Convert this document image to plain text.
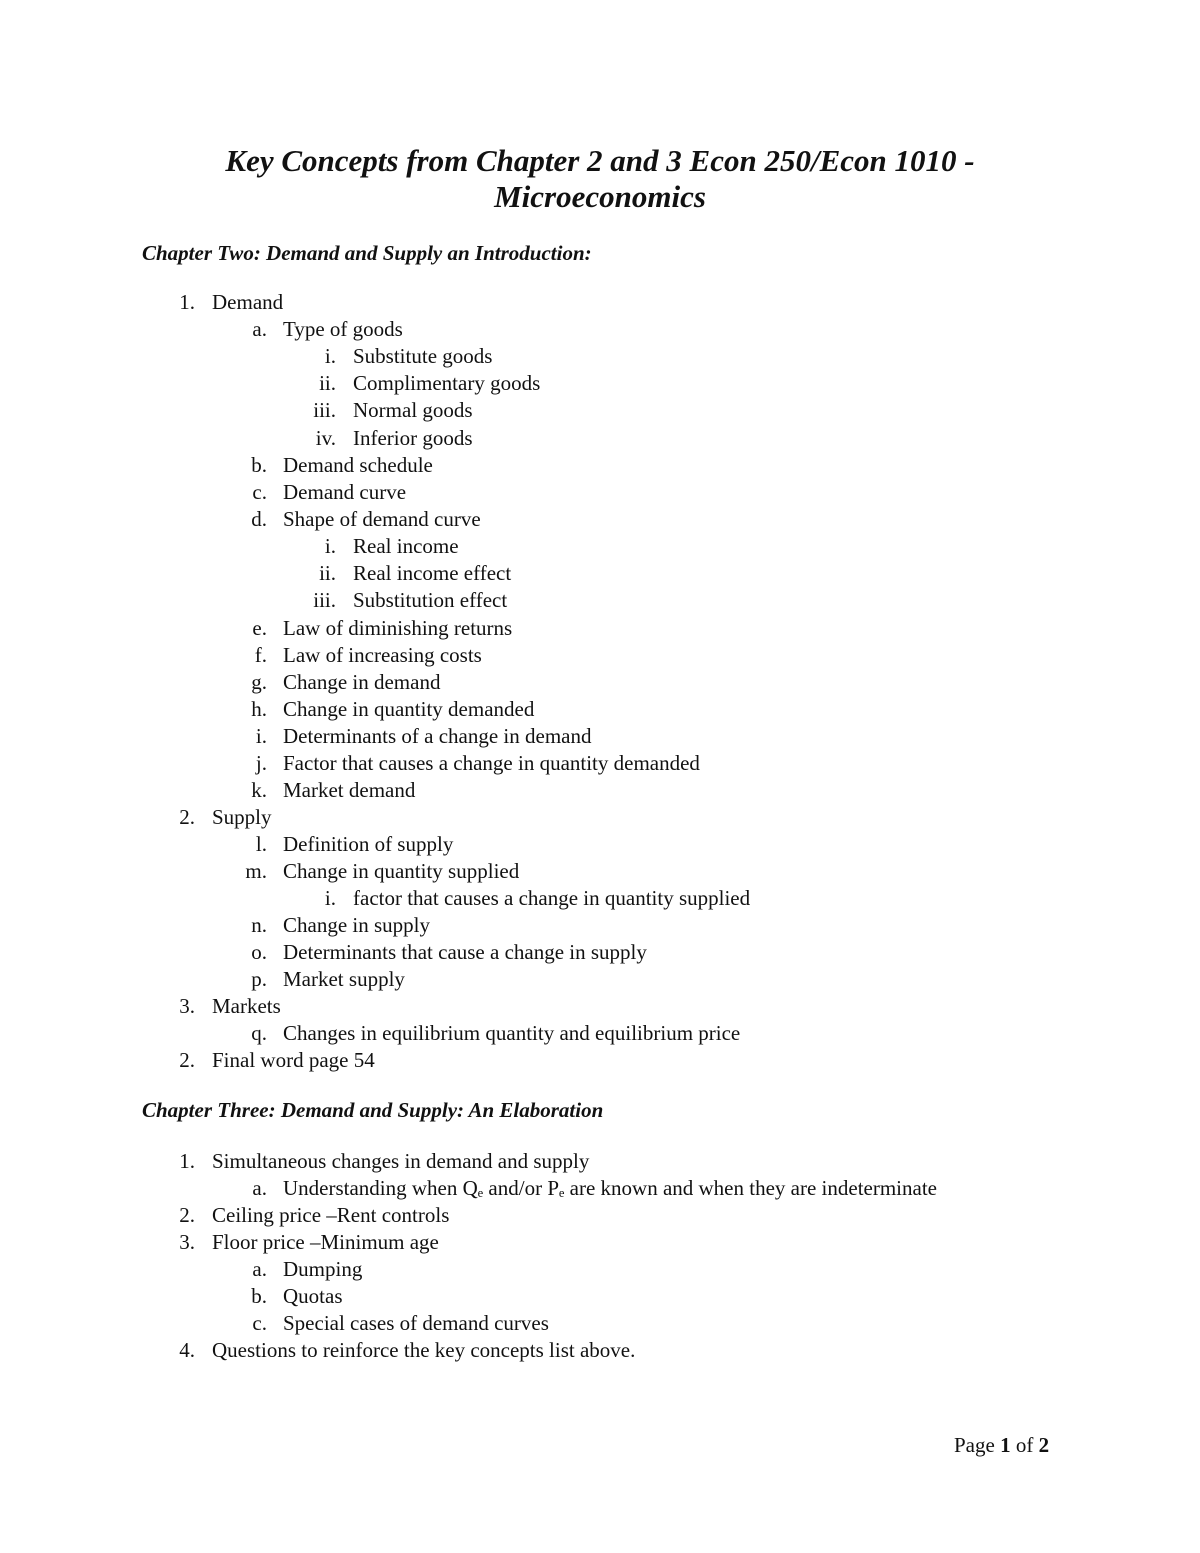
Key Concepts from Chapter 2 and 3 Econ 250/Econ 1010 -
Microeconomics
Chapter Two: Demand and Supply an Introduction:
1. Demand
a. Type of goods
i. Substitute goods
ii. Complimentary goods
iii. Normal goods
iv. Inferior goods
b. Demand schedule
c. Demand curve
d. Shape of demand curve
i. Real income
ii. Real income effect
iii. Substitution effect
e. Law of diminishing returns
f. Law of increasing costs
g. Change in demand
h. Change in quantity demanded
i. Determinants of a change in demand
j. Factor that causes a change in quantity demanded
k. Market demand
2. Supply
l. Definition of supply
m. Change in quantity supplied
i. factor that causes a change in quantity supplied
n. Change in supply
o. Determinants that cause a change in supply
p. Market supply
3. Markets
q. Changes in equilibrium quantity and equilibrium price
2. Final word page 54
Chapter Three: Demand and Supply: An Elaboration
1. Simultaneous changes in demand and supply
a. Understanding when Qₑ and/or Pₑ are known and when they are indeterminate
2. Ceiling price –Rent controls
3. Floor price –Minimum age
a. Dumping
b. Quotas
c. Special cases of demand curves
4. Questions to reinforce the key concepts list above.
Page 1 of 2
